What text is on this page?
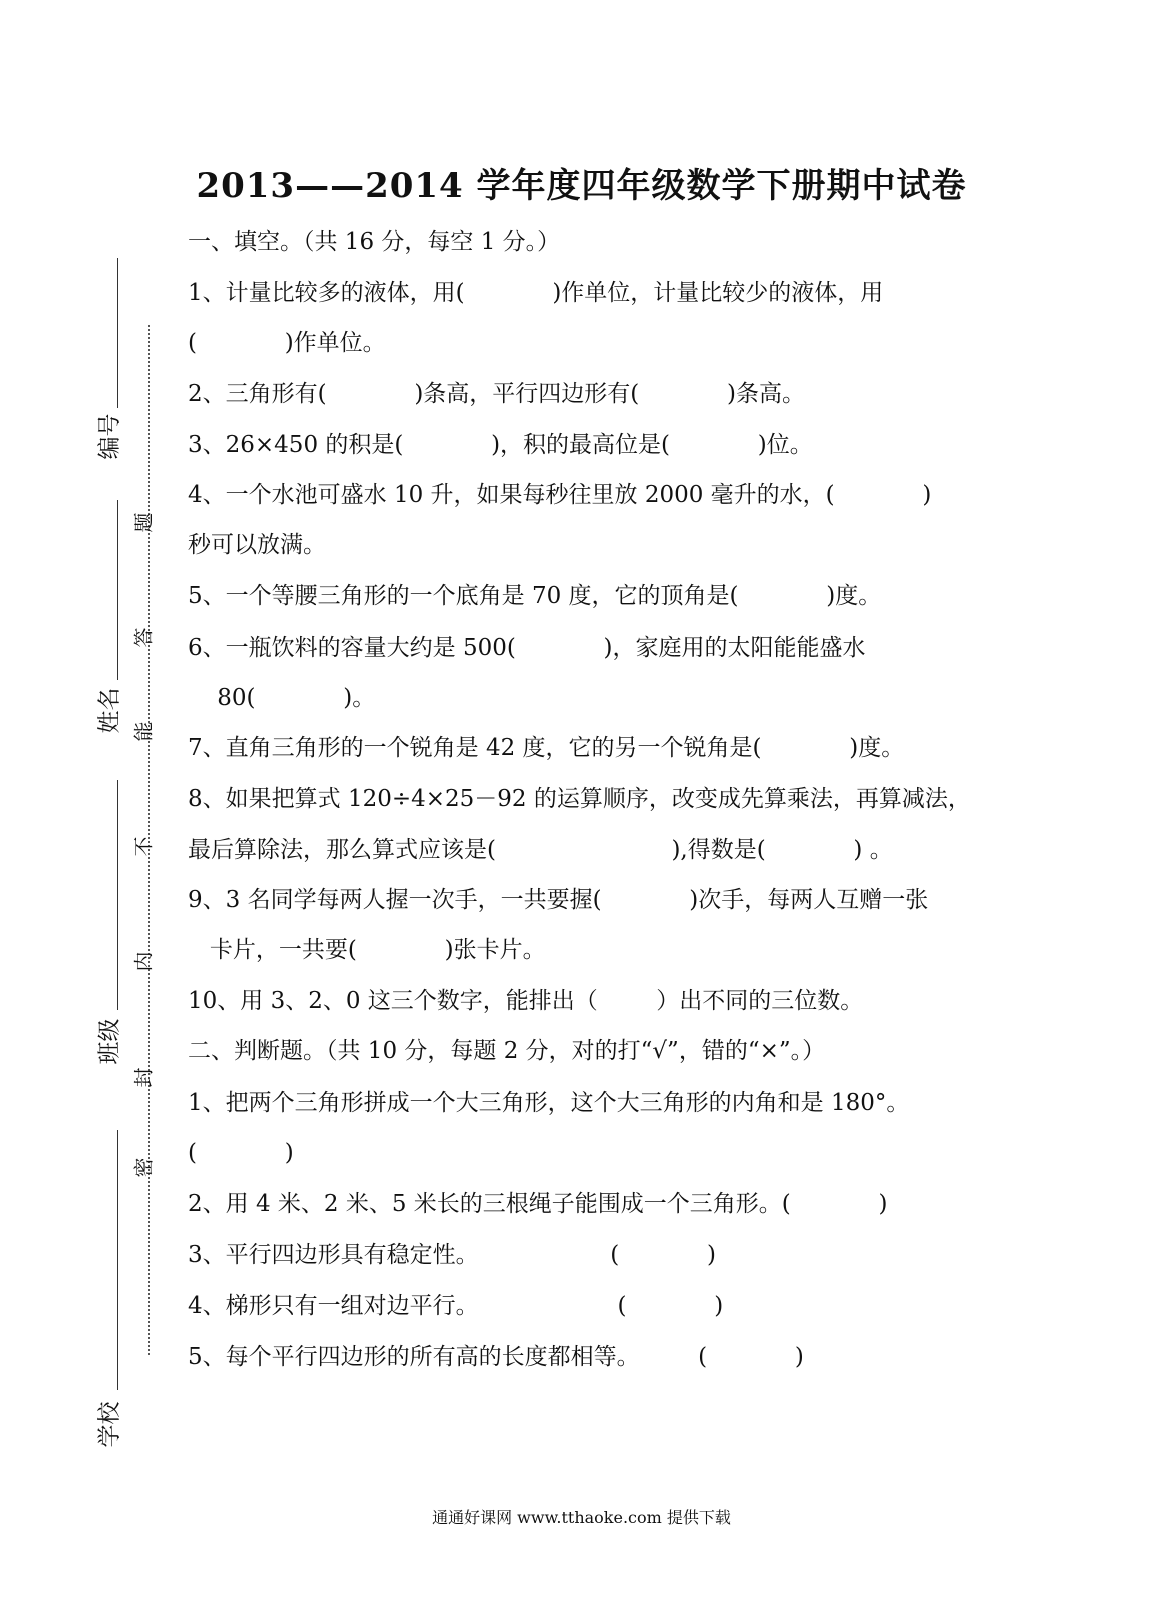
2013——2014 学年度四年级数学下册期中试卷
编号
姓名
班级
学校
题
答
能
不
内
封
密
一、填空。（共 16 分，每空 1 分。）
1、计量比较多的液体，用(            )作单位，计量比较少的液体，用
(            )作单位。
2、三角形有(            )条高，平行四边形有(            )条高。
3、26×450 的积是(            )，积的最高位是(            )位。
4、一个水池可盛水 10 升，如果每秒往里放 2000 毫升的水，(            )
秒可以放满。
5、一个等腰三角形的一个底角是 70 度，它的顶角是(            )度。
6、一瓶饮料的容量大约是 500(            )，家庭用的太阳能能盛水
80(            )。
7、直角三角形的一个锐角是 42 度，它的另一个锐角是(            )度。
8、如果把算式 120÷4×25－92 的运算顺序，改变成先算乘法，再算减法，
最后算除法，那么算式应该是(                        ),得数是(            ) 。
9、3 名同学每两人握一次手，一共要握(            )次手，每两人互赠一张
卡片，一共要(            )张卡片。
10、用 3、2、0 这三个数字，能排出（        ）出不同的三位数。
二、判断题。（共 10 分，每题 2 分，对的打“√”，错的“×”。）
1、把两个三角形拼成一个大三角形，这个大三角形的内角和是 180°。
(            )
2、用 4 米、2 米、5 米长的三根绳子能围成一个三角形。(            )
3、平行四边形具有稳定性。                  (            )
4、梯形只有一组对边平行。                   (            )
5、每个平行四边形的所有高的长度都相等。        (            )
通通好课网 www.tthaoke.com 提供下载
